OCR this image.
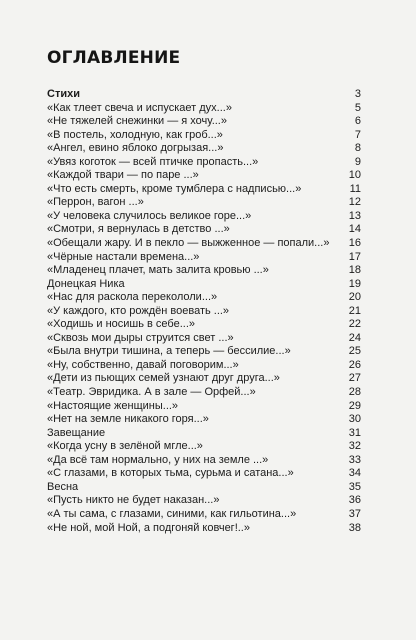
ОГЛАВЛЕНИЕ
Стихи	3
«Как тлеет свеча и испускает дух...»	5
«Не тяжелей снежинки — я хочу...»	6
«В постель, холодную, как гроб...»	7
«Ангел, евино яблоко догрызая...»	8
«Увяз коготок — всей птичке пропасть...»	9
«Каждой твари — по паре ...»	10
«Что есть смерть, кроме тумблера с надписью...»	11
«Перрон, вагон ...»	12
«У человека случилось великое горе...»	13
«Смотри, я вернулась в детство ...»	14
«Обещали жару. И в пекло — выжженное — попали...»	16
«Чёрные настали времена...»	17
«Младенец плачет, мать залита кровью ...»	18
Донецкая Ника	19
«Нас для раскола перекололи...»	20
«У каждого, кто рождён воевать ...»	21
«Ходишь и носишь в себе...»	22
«Сквозь мои дыры струится свет ...»	24
«Была внутри тишина, а теперь — бессилие...»	25
«Ну, собственно, давай поговорим...»	26
«Дети из пьющих семей узнают друг друга...»	27
«Театр. Эвридика. А в зале — Орфей...»	28
«Настоящие женщины...»	29
«Нет на земле никакого горя...»	30
Завещание	31
«Когда усну в зелёной мгле...»	32
«Да всё там нормально, у них на земле ...»	33
«С глазами, в которых тьма, сурьма и сатана...»	34
Весна	35
«Пусть никто не будет наказан...»	36
«А ты сама, с глазами, синими, как гильотина...»	37
«Не ной, мой Ной, а подгоняй ковчег!..»	38
